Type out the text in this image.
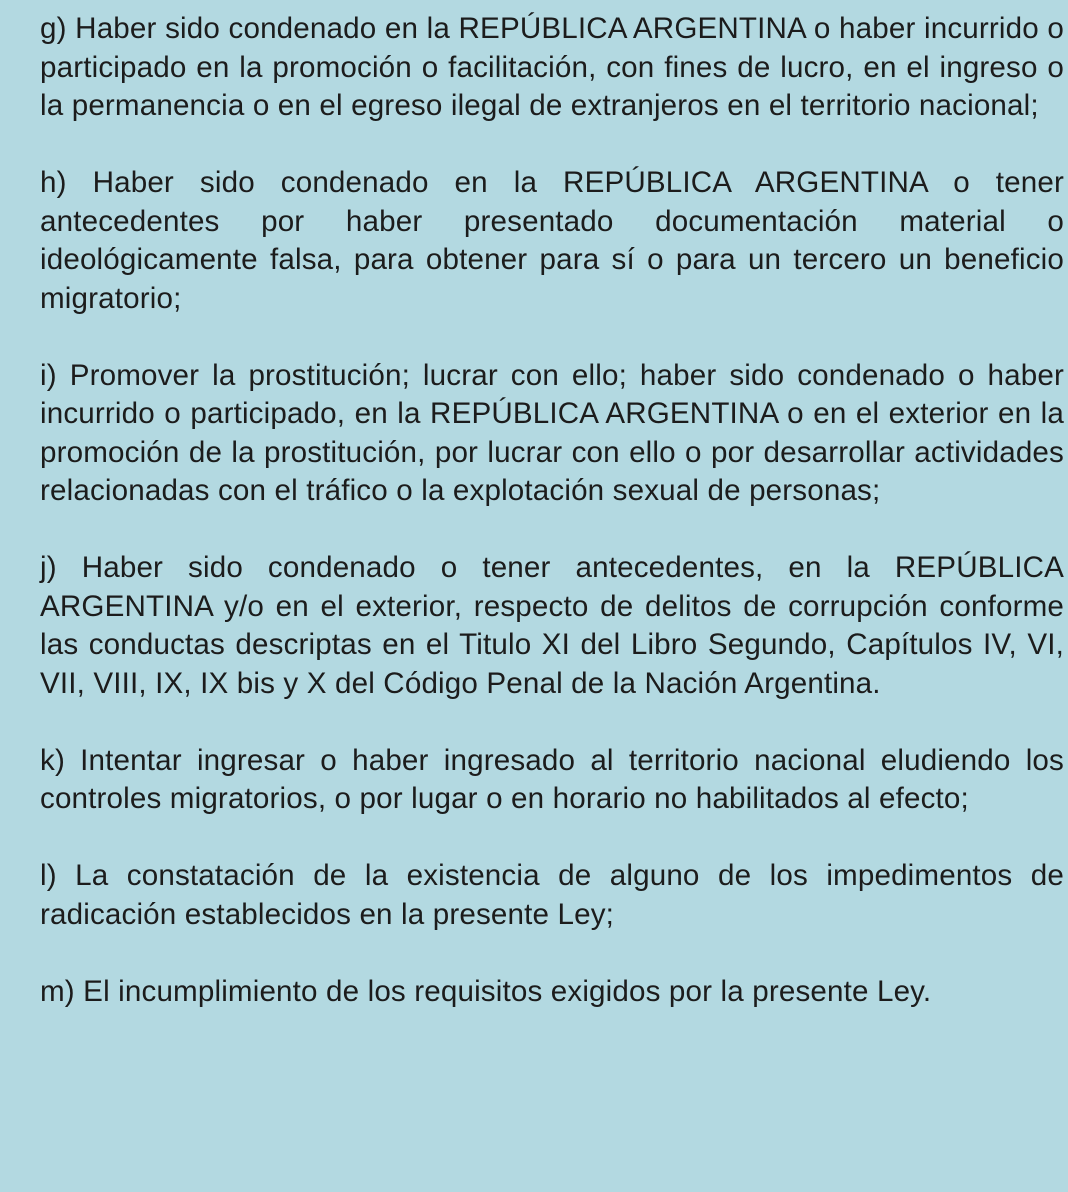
g) Haber sido condenado en la REPÚBLICA ARGENTINA o haber incurrido o participado en la promoción o facilitación, con fines de lucro, en el ingreso o la permanencia o en el egreso ilegal de extranjeros en el territorio nacional;

h) Haber sido condenado en la REPÚBLICA ARGENTINA o tener antecedentes por haber presentado documentación material o ideológicamente falsa, para obtener para sí o para un tercero un beneficio migratorio;

i) Promover la prostitución; lucrar con ello; haber sido condenado o haber incurrido o participado, en la REPÚBLICA ARGENTINA o en el exterior en la promoción de la prostitución, por lucrar con ello o por desarrollar actividades relacionadas con el tráfico o la explotación sexual de personas;

j) Haber sido condenado o tener antecedentes, en la REPÚBLICA ARGENTINA y/o en el exterior, respecto de delitos de corrupción conforme las conductas descriptas en el Titulo XI del Libro Segundo, Capítulos IV, VI, VII, VIII, IX, IX bis y X del Código Penal de la Nación Argentina.

k) Intentar ingresar o haber ingresado al territorio nacional eludiendo los controles migratorios, o por lugar o en horario no habilitados al efecto;

l) La constatación de la existencia de alguno de los impedimentos de radicación establecidos en la presente Ley;

m) El incumplimiento de los requisitos exigidos por la presente Ley.
